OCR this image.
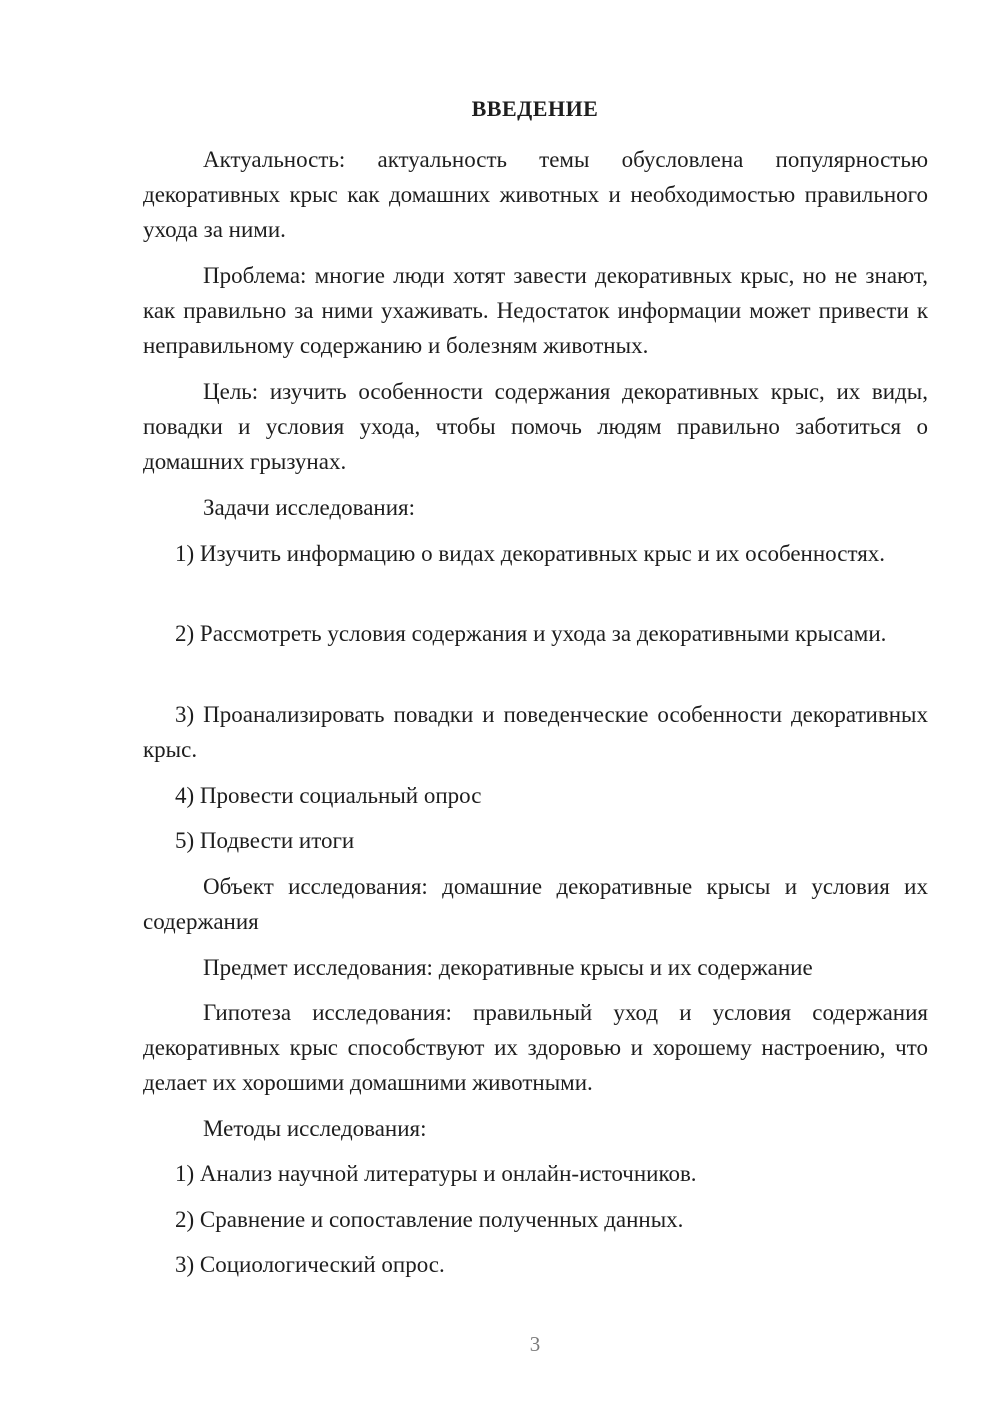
ВВЕДЕНИЕ
Актуальность: актуальность темы обусловлена популярностью декоративных крыс как домашних животных и необходимостью правильного ухода за ними.
Проблема: многие люди хотят завести декоративных крыс, но не знают, как правильно за ними ухаживать. Недостаток информации может привести к неправильному содержанию и болезням животных.
Цель: изучить особенности содержания декоративных крыс, их виды, повадки и условия ухода, чтобы помочь людям правильно заботиться о домашних грызунах.
Задачи исследования:
1) Изучить информацию о видах декоративных крыс и их особенностях.
2) Рассмотреть условия содержания и ухода за декоративными крысами.
3) Проанализировать повадки и поведенческие особенности декоративных крыс.
4) Провести социальный опрос
5) Подвести итоги
Объект исследования: домашние декоративные крысы и условия их содержания
Предмет исследования: декоративные крысы и их содержание
Гипотеза исследования: правильный уход и условия содержания декоративных крыс способствуют их здоровью и хорошему настроению, что делает их хорошими домашними животными.
Методы исследования:
1) Анализ научной литературы и онлайн-источников.
2) Сравнение и сопоставление полученных данных.
3) Социологический опрос.
3
